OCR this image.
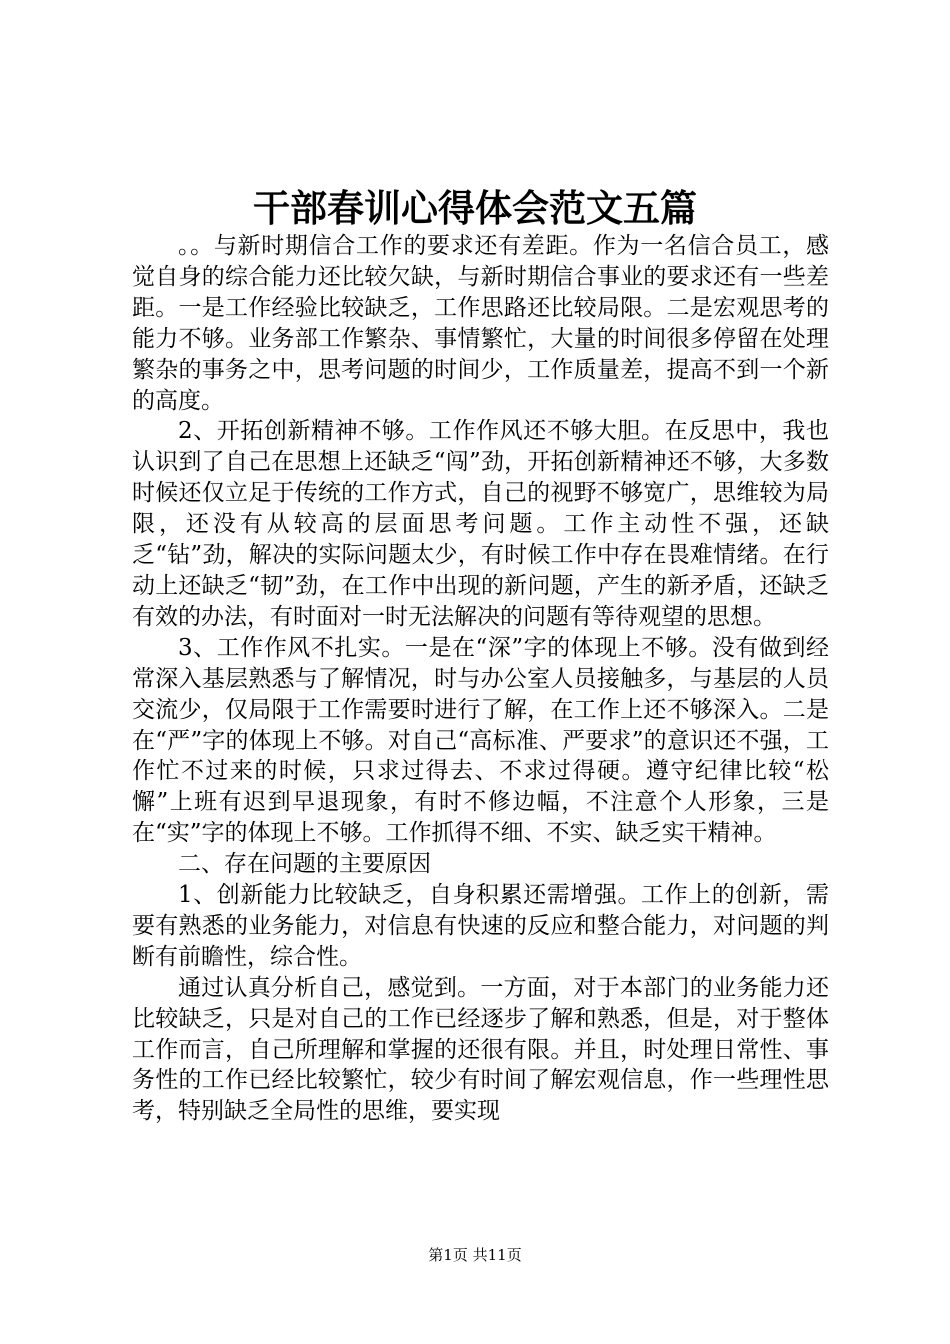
干部春训心得体会范文五篇

。。与新时期信合工作的要求还有差距。作为一名信合员工，感觉自身的综合能力还比较欠缺，与新时期信合事业的要求还有一些差距。一是工作经验比较缺乏，工作思路还比较局限。二是宏观思考的能力不够。业务部工作繁杂、事情繁忙，大量的时间很多停留在处理繁杂的事务之中，思考问题的时间少，工作质量差，提高不到一个新的高度。

2、开拓创新精神不够。工作作风还不够大胆。在反思中，我也认识到了自己在思想上还缺乏“闯”劲，开拓创新精神还不够，大多数时候还仅立足于传统的工作方式，自己的视野不够宽广，思维较为局限，还没有从较高的层面思考问题。工作主动性不强，还缺乏“钻”劲，解决的实际问题太少，有时候工作中存在畏难情绪。在行动上还缺乏“韧”劲，在工作中出现的新问题，产生的新矛盾，还缺乏有效的办法，有时面对一时无法解决的问题有等待观望的思想。

3、工作作风不扎实。一是在“深”字的体现上不够。没有做到经常深入基层熟悉与了解情况，时与办公室人员接触多，与基层的人员交流少，仅局限于工作需要时进行了解，在工作上还不够深入。二是在“严”字的体现上不够。对自己“高标准、严要求”的意识还不强，工作忙不过来的时候，只求过得去、不求过得硬。遵守纪律比较“松懈”上班有迟到早退现象，有时不修边幅，不注意个人形象，三是在“实”字的体现上不够。工作抓得不细、不实、缺乏实干精神。

二、存在问题的主要原因

1、创新能力比较缺乏，自身积累还需增强。工作上的创新，需要有熟悉的业务能力，对信息有快速的反应和整合能力，对问题的判断有前瞻性，综合性。

通过认真分析自己，感觉到。一方面，对于本部门的业务能力还比较缺乏，只是对自己的工作已经逐步了解和熟悉，但是，对于整体工作而言，自己所理解和掌握的还很有限。并且，时处理日常性、事务性的工作已经比较繁忙，较少有时间了解宏观信息，作一些理性思考，特别缺乏全局性的思维，要实现

第1页 共11页
